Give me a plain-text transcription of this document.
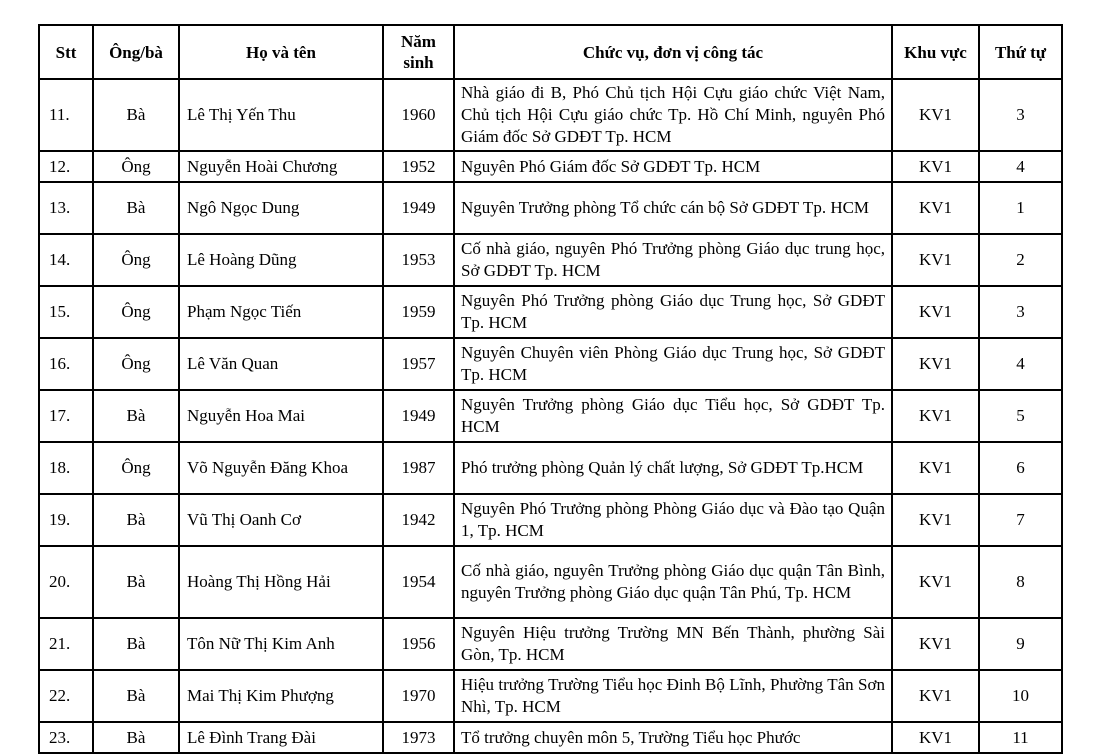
Stt	Ông/bà	Họ và tên	Năm sinh	Chức vụ, đơn vị công tác	Khu vực	Thứ tự
11.	Bà	Lê Thị Yến Thu	1960	Nhà giáo đi B, Phó Chủ tịch Hội Cựu giáo chức Việt Nam, Chủ tịch Hội Cựu giáo chức Tp. Hồ Chí Minh, nguyên Phó Giám đốc Sở GDĐT Tp. HCM	KV1	3
12.	Ông	Nguyễn Hoài Chương	1952	Nguyên Phó Giám đốc Sở GDĐT Tp. HCM	KV1	4
13.	Bà	Ngô Ngọc Dung	1949	Nguyên Trưởng phòng Tổ chức cán bộ Sở GDĐT Tp. HCM	KV1	1
14.	Ông	Lê Hoàng Dũng	1953	Cố nhà giáo, nguyên Phó Trưởng phòng Giáo dục trung học, Sở GDĐT Tp. HCM	KV1	2
15.	Ông	Phạm Ngọc Tiến	1959	Nguyên Phó Trưởng phòng Giáo dục Trung học, Sở GDĐT Tp. HCM	KV1	3
16.	Ông	Lê Văn Quan	1957	Nguyên Chuyên viên Phòng Giáo dục Trung học, Sở GDĐT Tp. HCM	KV1	4
17.	Bà	Nguyễn Hoa Mai	1949	Nguyên Trưởng phòng Giáo dục Tiểu học, Sở GDĐT Tp. HCM	KV1	5
18.	Ông	Võ Nguyễn Đăng Khoa	1987	Phó trưởng phòng Quản lý chất lượng, Sở GDĐT Tp.HCM	KV1	6
19.	Bà	Vũ Thị Oanh Cơ	1942	Nguyên Phó Trưởng phòng Phòng Giáo dục và Đào tạo Quận 1, Tp. HCM	KV1	7
20.	Bà	Hoàng Thị Hồng Hải	1954	Cố nhà giáo, nguyên Trưởng phòng Giáo dục quận Tân Bình, nguyên Trưởng phòng Giáo dục quận Tân Phú, Tp. HCM	KV1	8
21.	Bà	Tôn Nữ Thị Kim Anh	1956	Nguyên Hiệu trưởng Trường MN Bến Thành, phường Sài Gòn, Tp. HCM	KV1	9
22.	Bà	Mai Thị Kim Phượng	1970	Hiệu trưởng Trường Tiểu học Đinh Bộ Lĩnh, Phường Tân Sơn Nhì, Tp. HCM	KV1	10
23.	Bà	Lê Đình Trang Đài	1973	Tổ trưởng chuyên môn 5, Trường Tiểu học Phước	KV1	11
